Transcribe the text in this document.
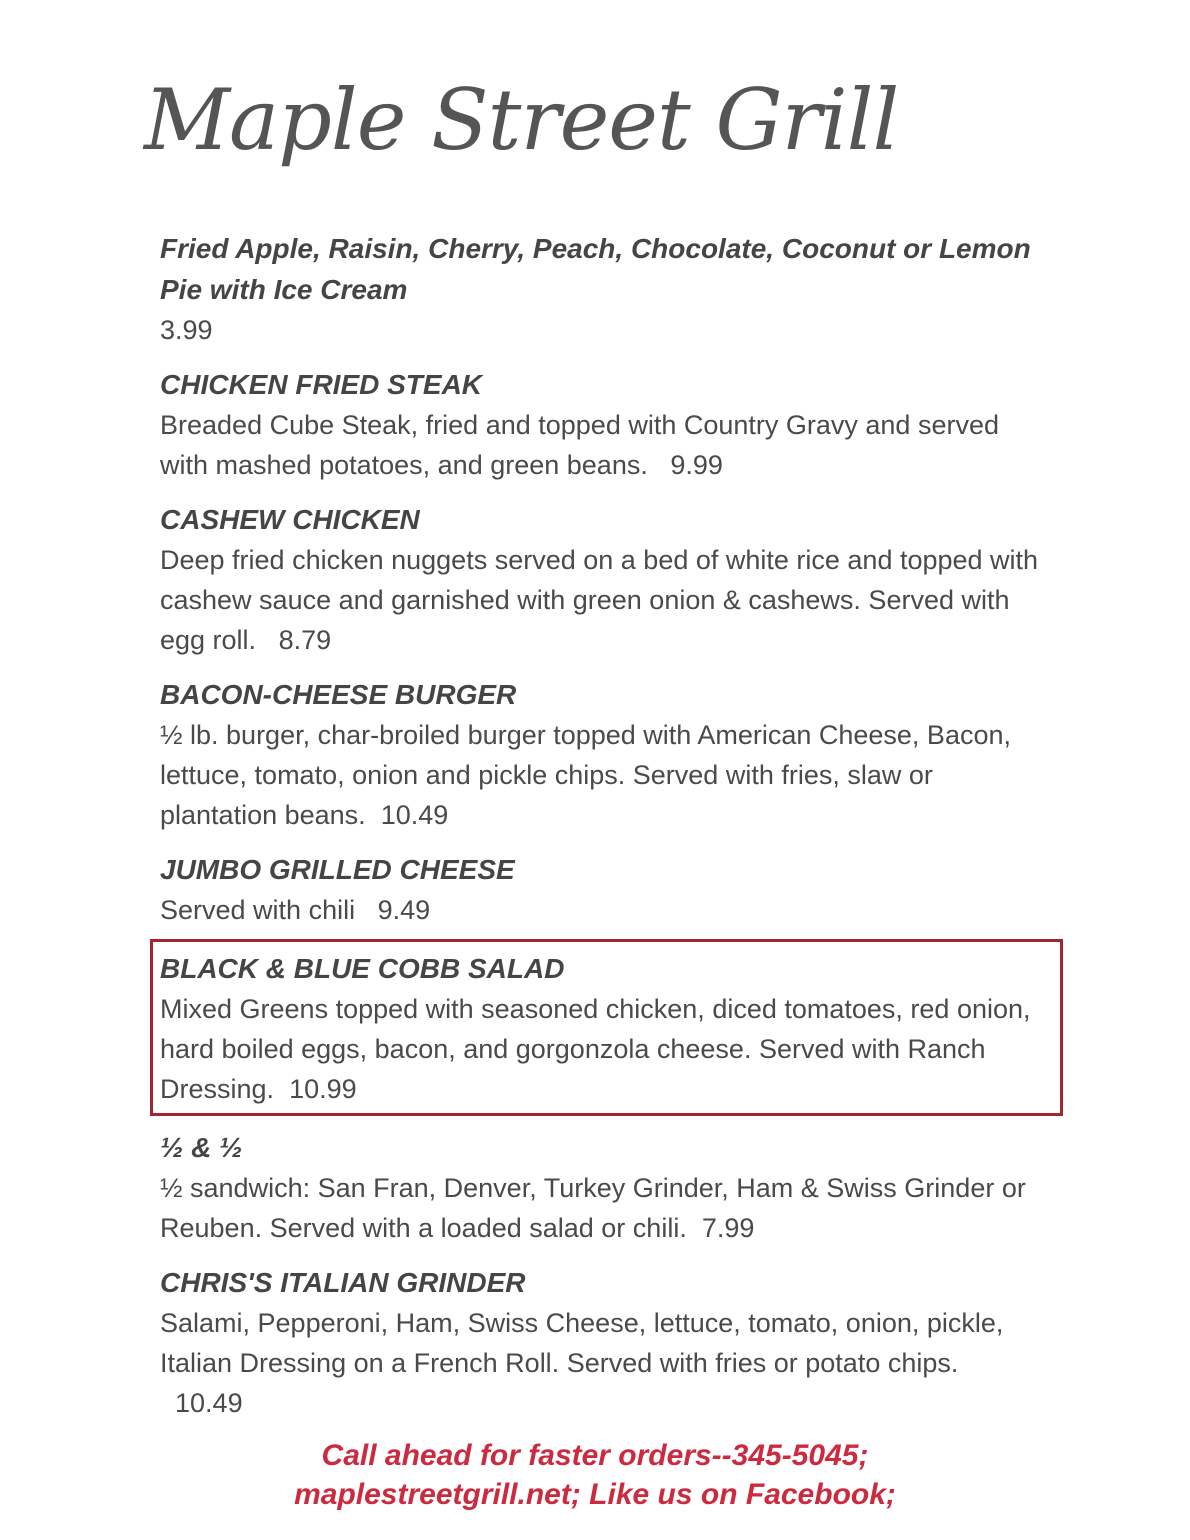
Maple Street Grill
Fried Apple, Raisin, Cherry, Peach, Chocolate, Coconut or Lemon Pie with Ice Cream
3.99
CHICKEN FRIED STEAK
Breaded Cube Steak, fried and topped with Country Gravy and served with mashed potatoes, and green beans. 9.99
CASHEW CHICKEN
Deep fried chicken nuggets served on a bed of white rice and topped with cashew sauce and garnished with green onion & cashews. Served with egg roll. 8.79
BACON-CHEESE BURGER
½ lb. burger, char-broiled burger topped with American Cheese, Bacon, lettuce, tomato, onion and pickle chips. Served with fries, slaw or plantation beans. 10.49
JUMBO GRILLED CHEESE
Served with chili 9.49
BLACK & BLUE COBB SALAD
Mixed Greens topped with seasoned chicken, diced tomatoes, red onion, hard boiled eggs, bacon, and gorgonzola cheese. Served with Ranch Dressing. 10.99
½ & ½
½ sandwich: San Fran, Denver, Turkey Grinder, Ham & Swiss Grinder or Reuben. Served with a loaded salad or chili. 7.99
CHRIS'S ITALIAN GRINDER
Salami, Pepperoni, Ham, Swiss Cheese, lettuce, tomato, onion, pickle, Italian Dressing on a French Roll. Served with fries or potato chips.  10.49
Call ahead for faster orders--345-5045;
maplestreetgrill.net; Like us on Facebook;
